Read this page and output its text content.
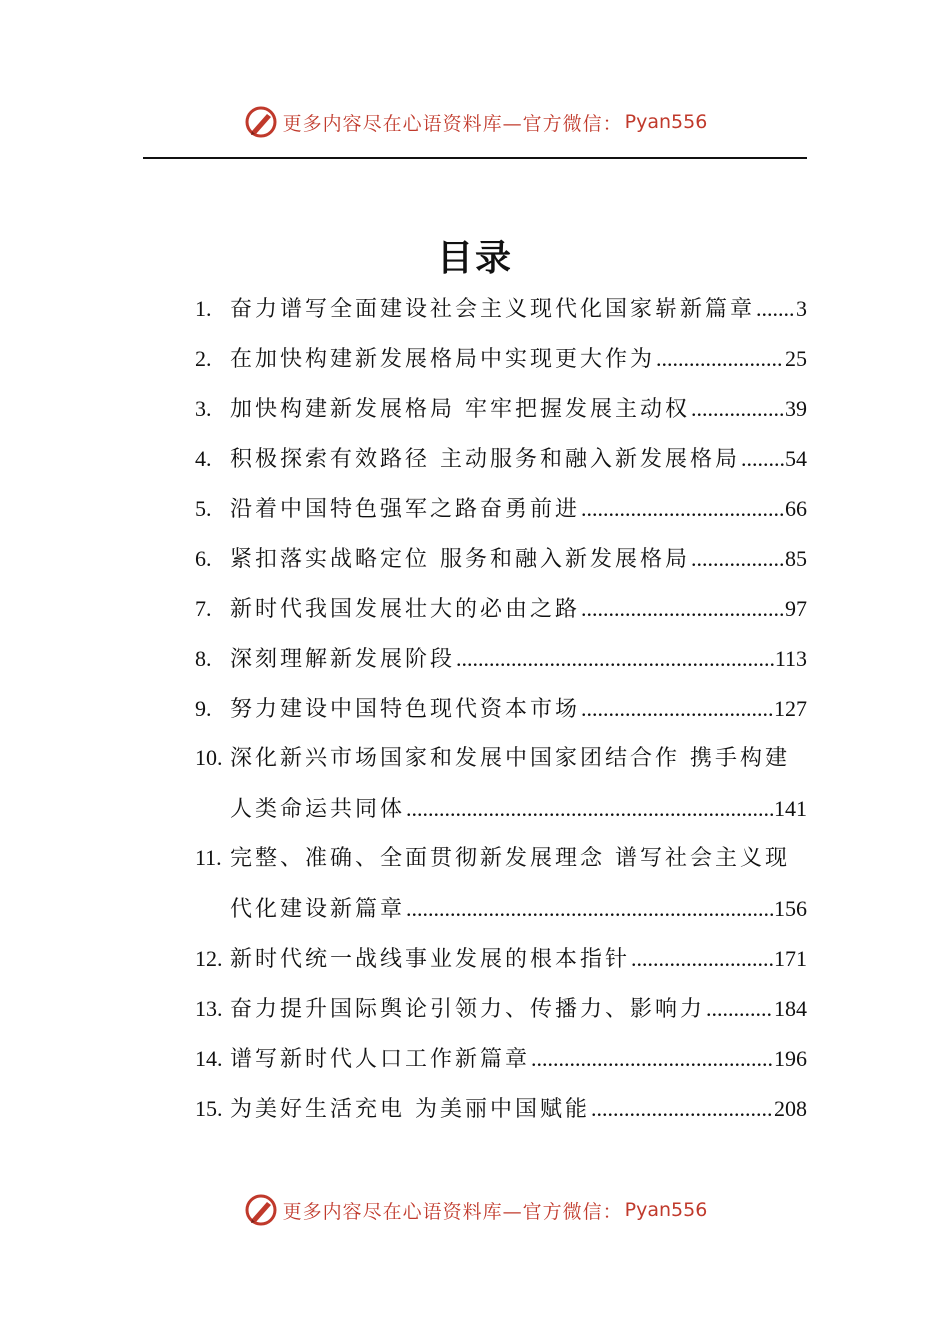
更多内容尽在心语资料库—官方微信： Pyan556
目录
1. 奋力谱写全面建设社会主义现代化国家崭新篇章 ..... 3
2. 在加快构建新发展格局中实现更大作为 .....	25
3. 加快构建新发展格局 牢牢把握发展主动权 .....	39
4. 积极探索有效路径 主动服务和融入新发展格局 ..... 54
5. 沿着中国特色强军之路奋勇前进 .....	66
6. 紧扣落实战略定位 服务和融入新发展格局 .....	85
7. 新时代我国发展壮大的必由之路 .....	97
8. 深刻理解新发展阶段 .....	113
9. 努力建设中国特色现代资本市场 .....	127
10. 深化新兴市场国家和发展中国家团结合作 携手构建
人类命运共同体 .....	141
11. 完整、准确、全面贯彻新发展理念 谱写社会主义现
代化建设新篇章 .....	156
12. 新时代统一战线事业发展的根本指针 .....	171
13. 奋力提升国际舆论引领力、传播力、影响力 .....	184
14. 谱写新时代人口工作新篇章 .....	196
15. 为美好生活充电 为美丽中国赋能 .....	208
更多内容尽在心语资料库—官方微信： Pyan556
